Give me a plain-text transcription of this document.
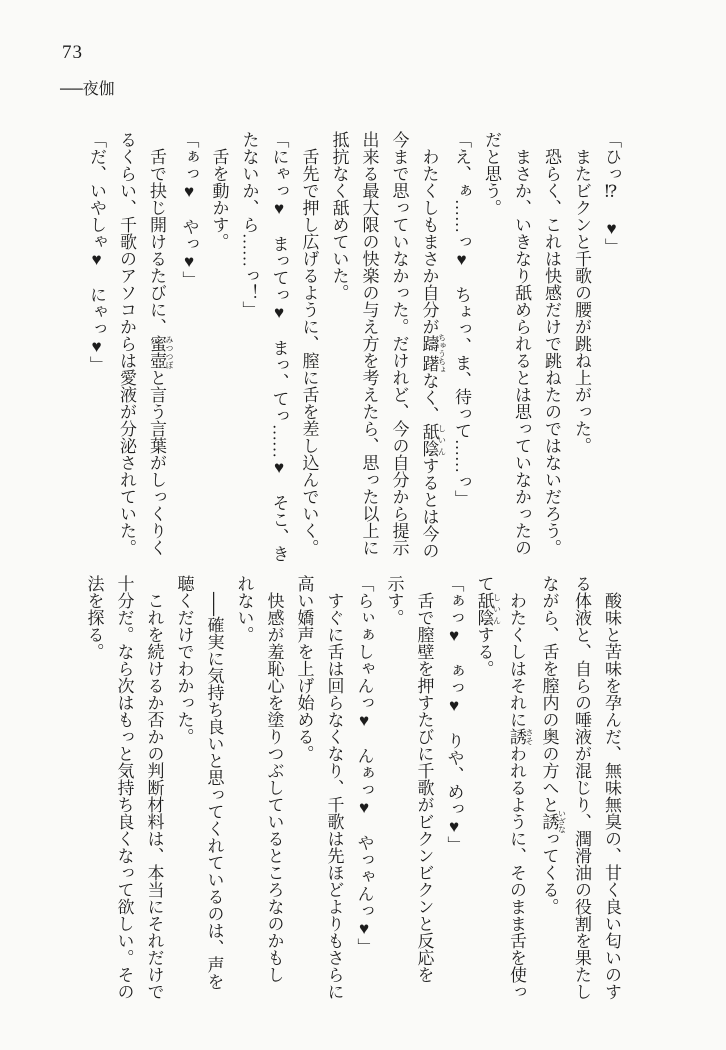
73
──夜伽
「ひっ⁉　♥」
　またビクンと千歌の腰が跳ね上がった。
　恐らく、これは快感だけで跳ねたのではないだろう。
　まさか、いきなり舐められるとは思っていなかったの
だと思う。
「え、ぁ……っ♥　ちょっ、ま、待って……っ」
　わたくしもまさか自分が躊躇 ちゅうちょなく、舐陰 しいんするとは今の
今まで思っていなかった。だけれど、今の自分から提示
出来る最大限の快楽の与え方を考えたら、思った以上に
抵抗なく舐めていた。
　舌先で押し広げるように、膣に舌を差し込んでいく。
「にゃっ♥　まってっ♥　まっ、てっ……♥　そこ、き
たないか、ら……っ！」
　舌を動かす。
「ぁっ♥　やっ♥」
　舌で抉じ開けるたびに、蜜壺 みつつぼと言う言葉がしっくりく
るくらい、千歌のアソコからは愛液が分泌されていた。
「だ、いやしゃ♥　にゃっ♥」
　酸味と苦味を孕んだ、無味無臭の、甘く良い匂いのす
る体液と、自らの唾液が混じり、潤滑油の役割を果たし
ながら、舌を膣内の奥の方へと誘 いざなってくる。
　わたくしはそれに誘 さそわれるように、そのまま舌を使っ
て舐陰 しいんする。
「ぁっ♥　ぁっ♥　りや、めっ♥」
　舌で膣壁を押すたびに千歌がビクンビクンと反応を
示す。
「らぃぁしゃんっ♥　んぁっ♥　やっゃんっ♥」
　すぐに舌は回らなくなり、千歌は先ほどよりもさらに
高い嬌声を上げ始める。
　快感が羞恥心を塗りつぶしているところなのかもし
れない。
　──確実に気持ち良いと思ってくれているのは、声を
聴くだけでわかった。
　これを続けるか否かの判断材料は、本当にそれだけで
十分だ。なら次はもっと気持ち良くなって欲しい。その
法を探る。
